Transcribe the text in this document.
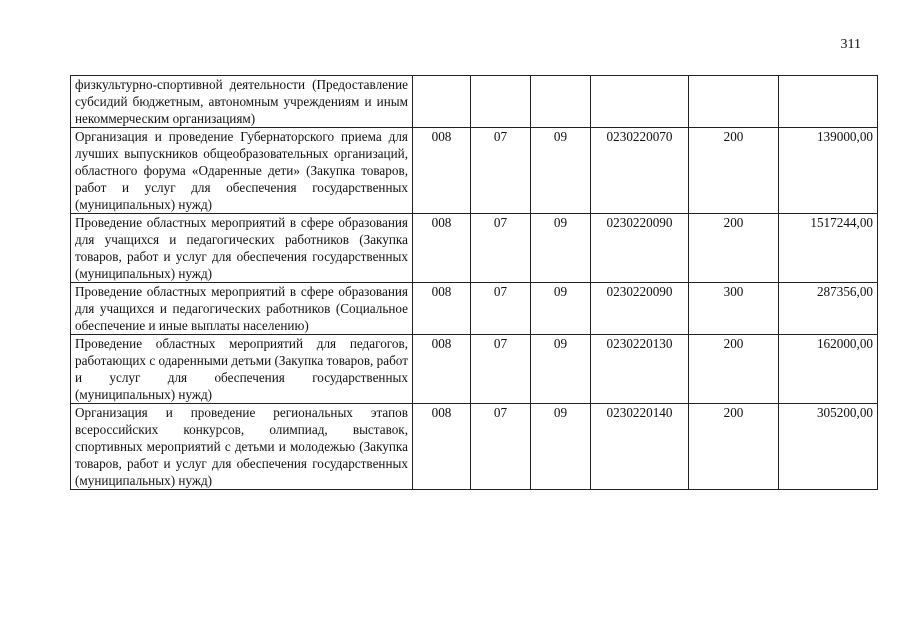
311
физкультурно-спортивной деятельности (Предоставление субсидий бюджетным, автономным учреждениям и иным некоммерческим организациям)						
Организация и проведение Губернаторского приема для лучших выпускников общеобразовательных организаций, областного форума «Одаренные дети» (Закупка товаров, работ и услуг для обеспечения государственных (муниципальных) нужд)	008	07	09	0230220070	200	139000,00
Проведение областных мероприятий в сфере образования для учащихся и педагогических работников (Закупка товаров, работ и услуг для обеспечения государственных (муниципальных) нужд)	008	07	09	0230220090	200	1517244,00
Проведение областных мероприятий в сфере образования для учащихся и педагогических работников (Социальное обеспечение и иные выплаты населению)	008	07	09	0230220090	300	287356,00
Проведение областных мероприятий для педагогов, работающих с одаренными детьми (Закупка товаров, работ и услуг для обеспечения государственных (муниципальных) нужд)	008	07	09	0230220130	200	162000,00
Организация и проведение региональных этапов всероссийских конкурсов, олимпиад, выставок, спортивных мероприятий с детьми и молодежью (Закупка товаров, работ и услуг для обеспечения государственных (муниципальных) нужд)	008	07	09	0230220140	200	305200,00
